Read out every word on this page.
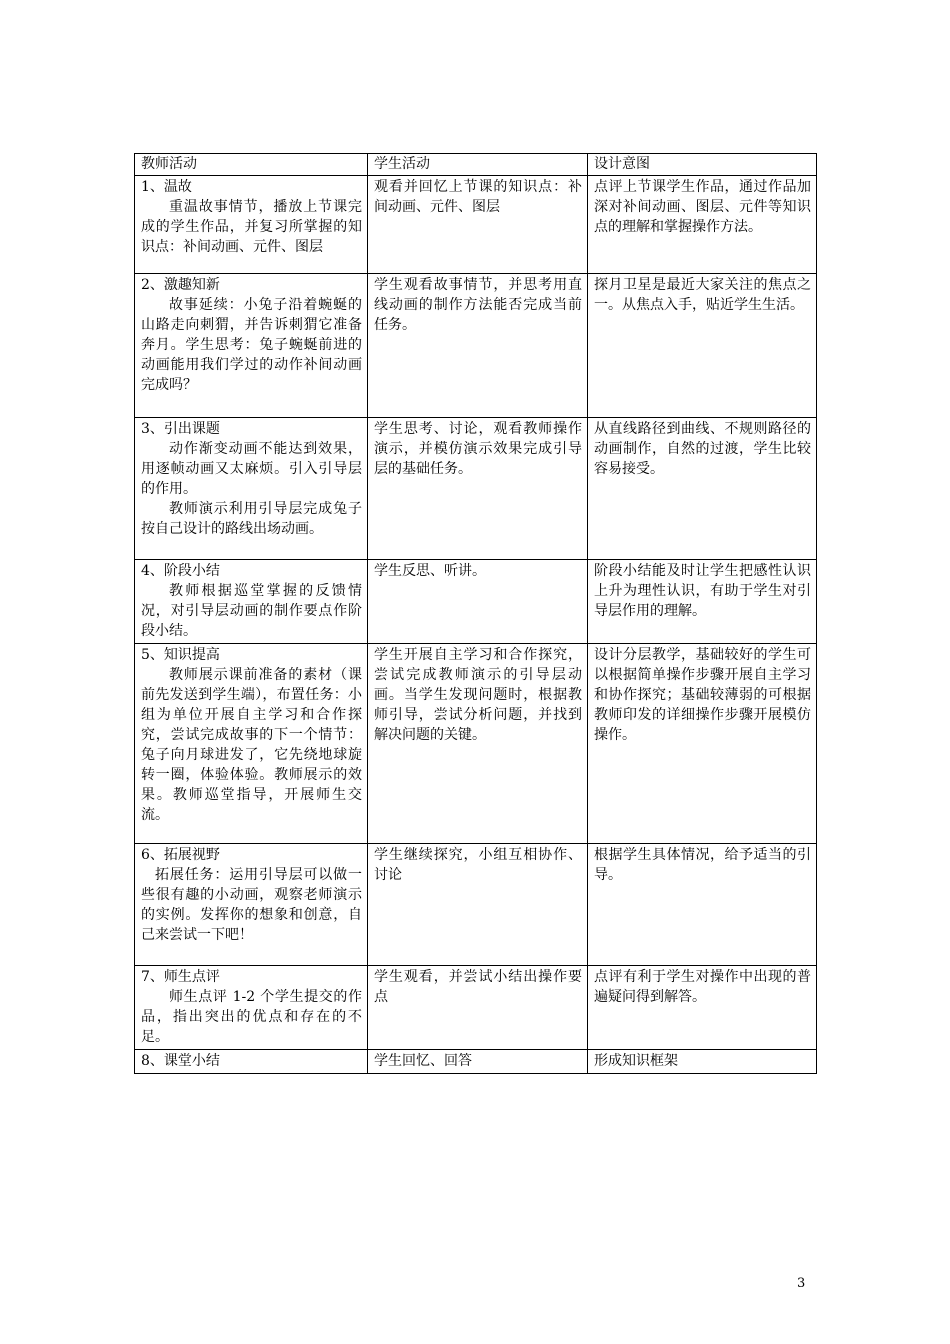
教师活动	学生活动	设计意图

1、温故
重温故事情节，播放上节课完成的学生作品，并复习所掌握的知识点：补间动画、元件、图层	观看并回忆上节课的知识点：补间动画、元件、图层	点评上节课学生作品，通过作品加深对补间动画、图层、元件等知识点的理解和掌握操作方法。

2、激趣知新
故事延续：小兔子沿着蜿蜒的山路走向刺猬，并告诉刺猬它准备奔月。学生思考：兔子蜿蜒前进的动画能用我们学过的动作补间动画完成吗？	学生观看故事情节，并思考用直线动画的制作方法能否完成当前任务。	探月卫星是最近大家关注的焦点之一。从焦点入手，贴近学生生活。

3、引出课题
动作渐变动画不能达到效果，用逐帧动画又太麻烦。引入引导层的作用。
教师演示利用引导层完成兔子按自己设计的路线出场动画。	学生思考、讨论，观看教师操作演示，并模仿演示效果完成引导层的基础任务。	从直线路径到曲线、不规则路径的动画制作，自然的过渡，学生比较容易接受。

4、阶段小结
教师根据巡堂掌握的反馈情况，对引导层动画的制作要点作阶段小结。	学生反思、听讲。	阶段小结能及时让学生把感性认识上升为理性认识，有助于学生对引导层作用的理解。

5、知识提高
教师展示课前准备的素材（课前先发送到学生端），布置任务：小组为单位开展自主学习和合作探究，尝试完成故事的下一个情节：兔子向月球进发了，它先绕地球旋转一圈，体验体验。教师展示的效果。教师巡堂指导，开展师生交流。	学生开展自主学习和合作探究，尝试完成教师演示的引导层动画。当学生发现问题时，根据教师引导，尝试分析问题，并找到解决问题的关键。	设计分层教学，基础较好的学生可以根据简单操作步骤开展自主学习和协作探究；基础较薄弱的可根据教师印发的详细操作步骤开展模仿操作。

6、拓展视野
拓展任务：运用引导层可以做一些很有趣的小动画，观察老师演示的实例。发挥你的想象和创意，自己来尝试一下吧！	学生继续探究，小组互相协作、讨论	根据学生具体情况，给予适当的引导。

7、师生点评
师生点评 1-2 个学生提交的作品，指出突出的优点和存在的不足。	学生观看，并尝试小结出操作要点	点评有利于学生对操作中出现的普遍疑问得到解答。

8、课堂小结	学生回忆、回答	形成知识框架
3
